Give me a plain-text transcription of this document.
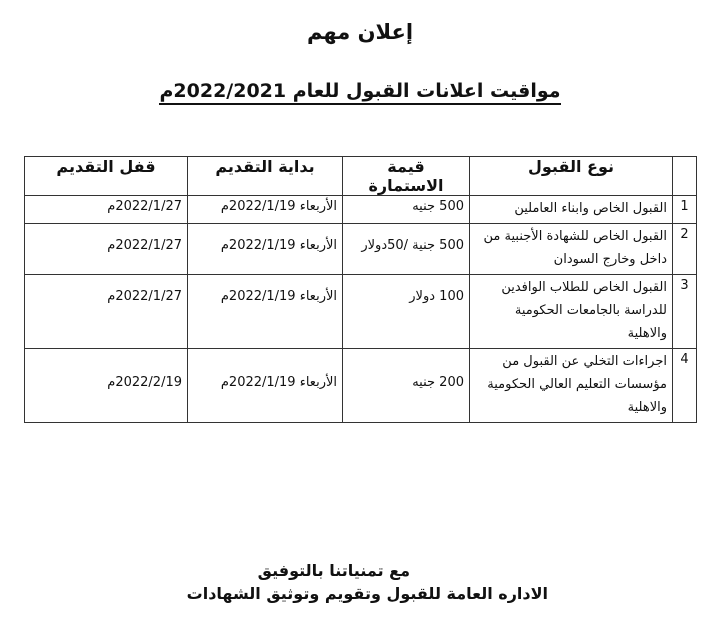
إعلان مهم
مواقيت اعلانات القبول للعام 2022/2021م
	نوع القبول	قيمة الاستمارة	بداية التقديم	قفل التقديم
1	القبول الخاص وابناء العاملين	500 جنيه	الأربعاء 2022/1/19م	2022/1/27م
2	القبول الخاص للشهادة الأجنبية من
داخل وخارج السودان	500 جنية /50دولار	الأربعاء 2022/1/19م	2022/1/27م
3	القبول الخاص للطلاب الوافدين
للدراسة بالجامعات الحكومية والاهلية	100 دولار	الأربعاء 2022/1/19م	2022/1/27م
4	اجراءات التخلي عن القبول من
مؤسسات التعليم العالي الحكومية
والاهلية	200 جنيه	الأربعاء 2022/1/19م	2022/2/19م
مع تمنياتنا بالتوفيق
الاداره العامة للقبول وتقويم وتوثيق الشهادات
